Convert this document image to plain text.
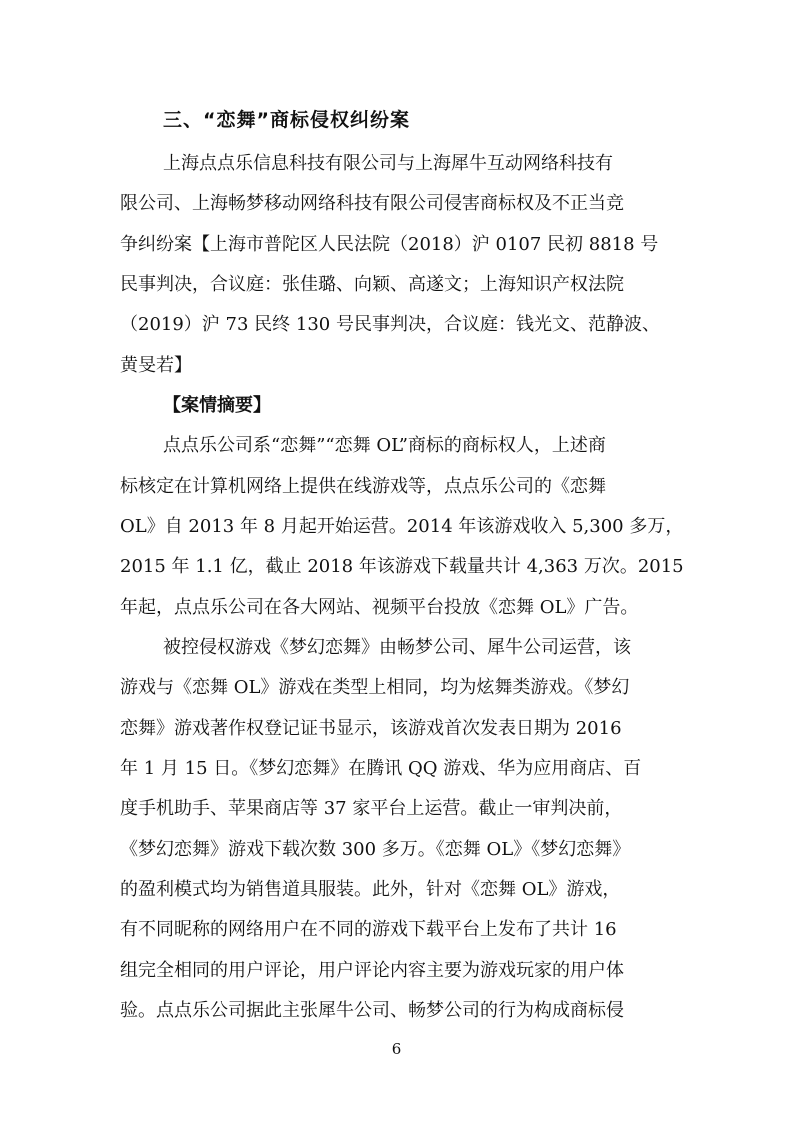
三、“恋舞”商标侵权纠纷案

上海点点乐信息科技有限公司与上海犀牛互动网络科技有

限公司、上海畅梦移动网络科技有限公司侵害商标权及不正当竞

争纠纷案【上海市普陀区人民法院（2018）沪 0107 民初 8818 号

民事判决，合议庭：张佳璐、向颖、高遂文；上海知识产权法院

（2019）沪 73 民终 130 号民事判决，合议庭：钱光文、范静波、

黄旻若】

【案情摘要】

点点乐公司系“恋舞”“恋舞 OL”商标的商标权人，上述商

标核定在计算机网络上提供在线游戏等，点点乐公司的《恋舞

OL》自 2013 年 8 月起开始运营。2014 年该游戏收入 5,300 多万，

2015 年 1.1 亿，截止 2018 年该游戏下载量共计 4,363 万次。2015

年起，点点乐公司在各大网站、视频平台投放《恋舞 OL》广告。

被控侵权游戏《梦幻恋舞》由畅梦公司、犀牛公司运营，该

游戏与《恋舞 OL》游戏在类型上相同，均为炫舞类游戏。《梦幻

恋舞》游戏著作权登记证书显示，该游戏首次发表日期为 2016

年 1 月 15 日。《梦幻恋舞》在腾讯 QQ 游戏、华为应用商店、百

度手机助手、苹果商店等 37 家平台上运营。截止一审判决前，

《梦幻恋舞》游戏下载次数 300 多万。《恋舞 OL》《梦幻恋舞》

的盈利模式均为销售道具服装。此外，针对《恋舞 OL》游戏，

有不同昵称的网络用户在不同的游戏下载平台上发布了共计 16

组完全相同的用户评论，用户评论内容主要为游戏玩家的用户体

验。点点乐公司据此主张犀牛公司、畅梦公司的行为构成商标侵

6
